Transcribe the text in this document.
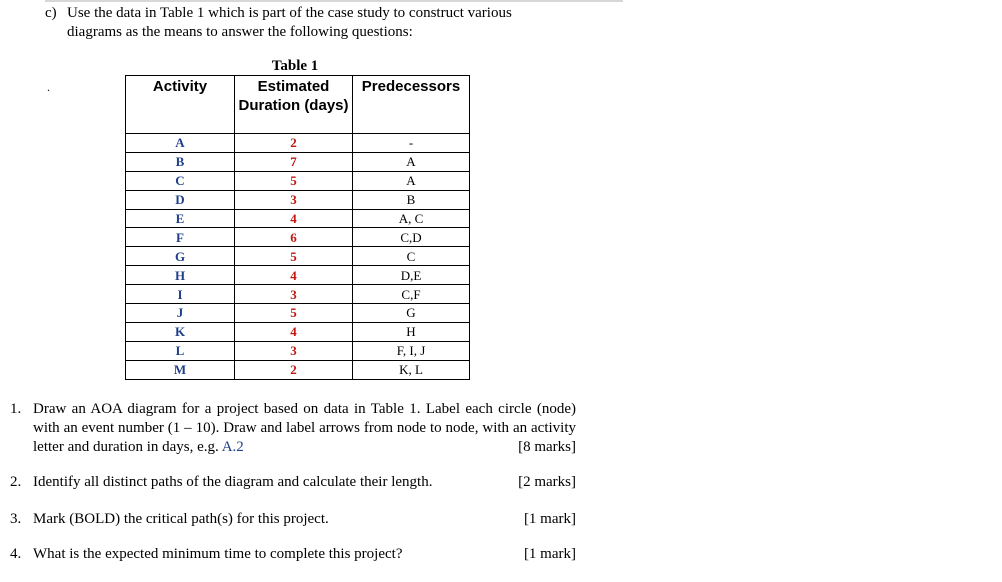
c) Use the data in Table 1 which is part of the case study to construct various
diagrams as the means to answer the following questions:
.
Table 1
Activity	Estimated Duration (days)	Predecessors
A	2	-
B	7	A
C	5	A
D	3	B
E	4	A, C
F	6	C,D
G	5	C
H	4	D,E
I	3	C,F
J	5	G
K	4	H
L	3	F, I, J
M	2	K, L
1. Draw an AOA diagram for a project based on data in Table 1. Label each circle (node) with an event number (1 – 10). Draw and label arrows from node to node, with an activity letter and duration in days, e.g. A.2	[8 marks]
2. Identify all distinct paths of the diagram and calculate their length.	[2 marks]
3. Mark (BOLD) the critical path(s) for this project.	[1 mark]
4. What is the expected minimum time to complete this project?	[1 mark]
